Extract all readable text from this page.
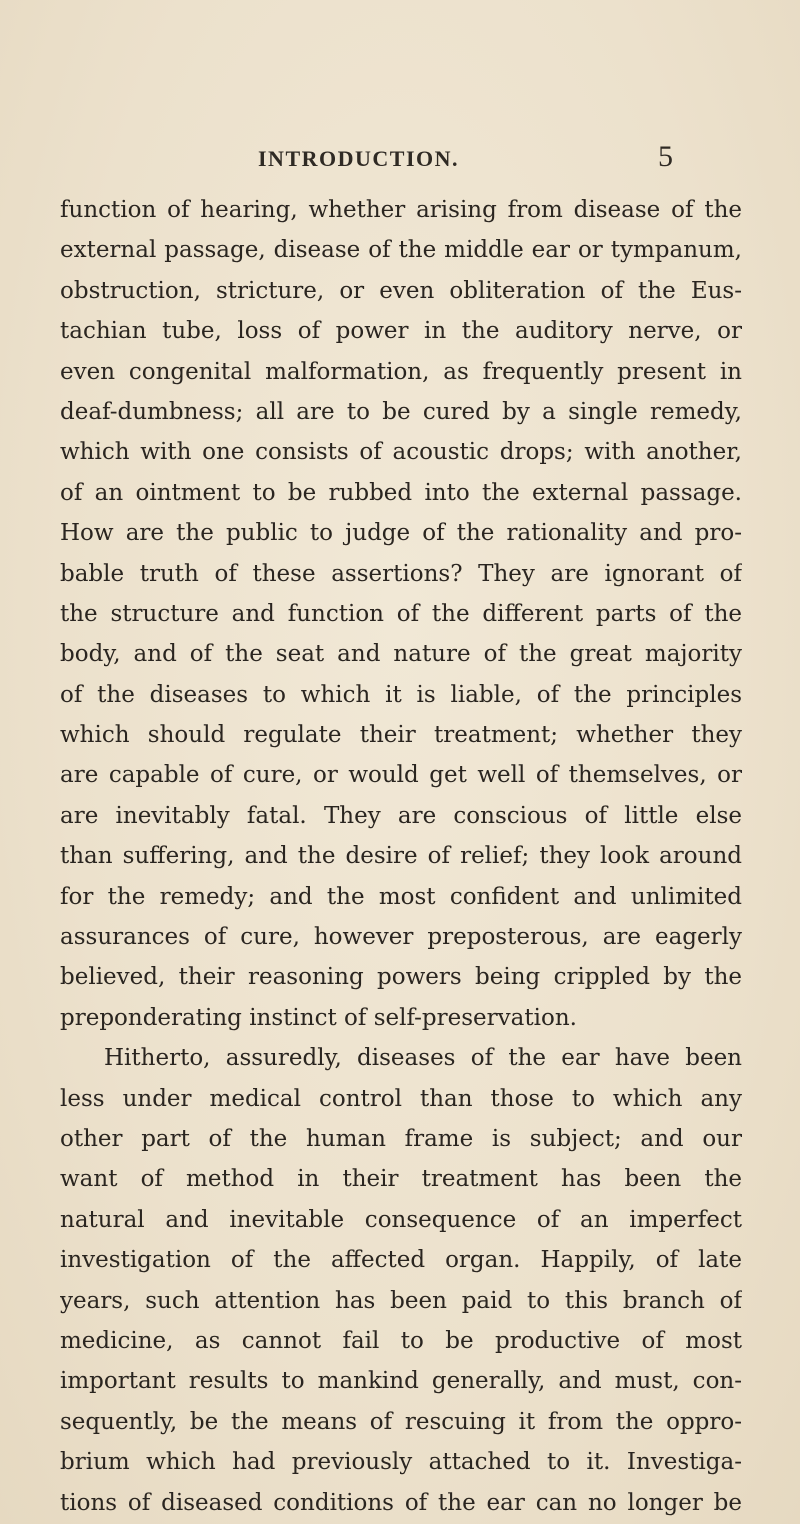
INTRODUCTION.	5
function of hearing, whether arising from disease of the
external passage, disease of the middle ear or tympanum,
obstruction, stricture, or even obliteration of the Eus-
tachian tube, loss of power in the auditory nerve, or
even congenital malformation, as frequently present in
deaf-dumbness; all are to be cured by a single remedy,
which with one consists of acoustic drops; with another,
of an ointment to be rubbed into the external passage.
How are the public to judge of the rationality and pro-
bable truth of these assertions? They are ignorant of
the structure and function of the different parts of the
body, and of the seat and nature of the great majority
of the diseases to which it is liable, of the principles
which should regulate their treatment; whether they
are capable of cure, or would get well of themselves, or
are inevitably fatal. They are conscious of little else
than suffering, and the desire of relief; they look around
for the remedy; and the most confident and unlimited
assurances of cure, however preposterous, are eagerly
believed, their reasoning powers being crippled by the
preponderating instinct of self-preservation.
Hitherto, assuredly, diseases of the ear have been
less under medical control than those to which any
other part of the human frame is subject; and our
want of method in their treatment has been the
natural and inevitable consequence of an imperfect
investigation of the affected organ. Happily, of late
years, such attention has been paid to this branch of
medicine, as cannot fail to be productive of most
important results to mankind generally, and must, con-
sequently, be the means of rescuing it from the oppro-
brium which had previously attached to it. Investiga-
tions of diseased conditions of the ear can no longer be
